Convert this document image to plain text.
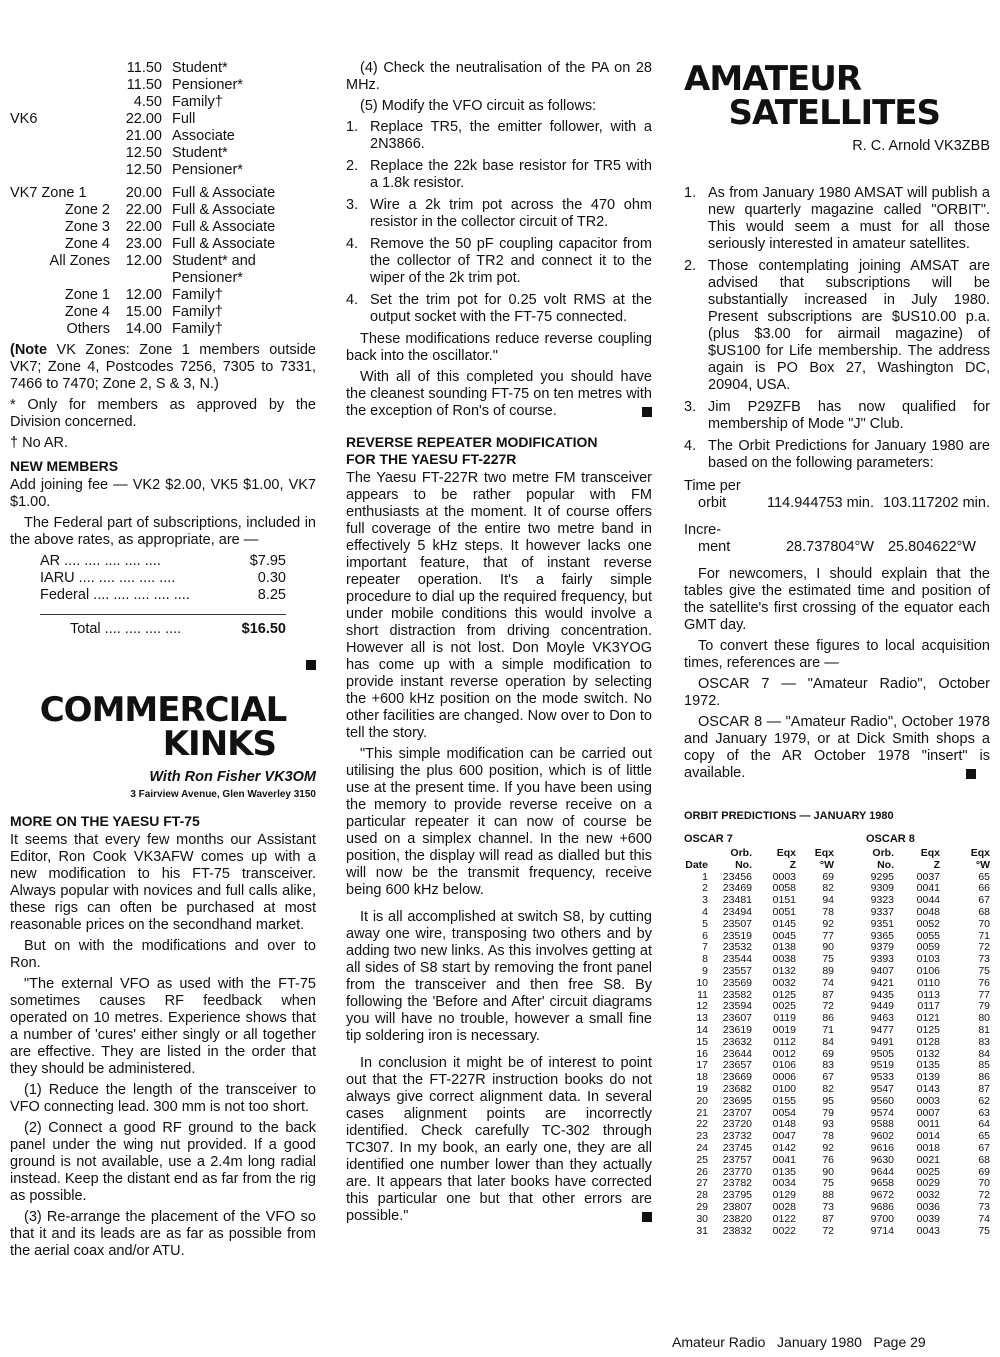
11.50 Student*
11.50 Pensioner*
4.50 Family†
VK6	22.00 Full
21.00 Associate
12.50 Student*
12.50 Pensioner*
VK7 Zone 1	20.00 Full & Associate
Zone 2	22.00 Full & Associate
Zone 3	22.00 Full & Associate
Zone 4	23.00 Full & Associate
All Zones	12.00 Student* and Pensioner*
Zone 1	12.00 Family†
Zone 4	15.00 Family†
Others	14.00 Family†

(Note VK Zones: Zone 1 members outside VK7; Zone 4, Postcodes 7256, 7305 to 7331, 7466 to 7470; Zone 2, S & 3, N.)

* Only for members as approved by the Division concerned.

† No AR.

NEW MEMBERS

Add joining fee — VK2 $2.00, VK5 $1.00, VK7 $1.00.

The Federal part of subscriptions, included in the above rates, as appropriate, are —

AR .... .... .... .... ....	$7.95
IARU .... .... .... .... ....	0.30
Federal .... .... .... .... ....	8.25
Total .... .... .... ....	$16.50
COMMERCIAL
KINKS
With Ron Fisher VK3OM
3 Fairview Avenue, Glen Waverley 3150
MORE ON THE YAESU FT-75

It seems that every few months our Assistant Editor, Ron Cook VK3AFW comes up with a new modification to his FT-75 transceiver. Always popular with novices and full calls alike, these rigs can often be purchased at most reasonable prices on the secondhand market.

But on with the modifications and over to Ron.

"The external VFO as used with the FT-75 sometimes causes RF feedback when operated on 10 metres. Experience shows that a number of 'cures' either singly or all together are effective. They are listed in the order that they should be administered.

(1) Reduce the length of the transceiver to VFO connecting lead. 300 mm is not too short.

(2) Connect a good RF ground to the back panel under the wing nut provided. If a good ground is not available, use a 2.4m long radial instead. Keep the distant end as far from the rig as possible.

(3) Re-arrange the placement of the VFO so that it and its leads are as far as possible from the aerial coax and/or ATU.

(4) Check the neutralisation of the PA on 28 MHz.

(5) Modify the VFO circuit as follows:

1. Replace TR5, the emitter follower, with a 2N3866.
2. Replace the 22k base resistor for TR5 with a 1.8k resistor.
3. Wire a 2k trim pot across the 470 ohm resistor in the collector circuit of TR2.
4. Remove the 50 pF coupling capacitor from the collector of TR2 and connect it to the wiper of the 2k trim pot.
4. Set the trim pot for 0.25 volt RMS at the output socket with the FT-75 connected.

These modifications reduce reverse coupling back into the oscillator."

With all of this completed you should have the cleanest sounding FT-75 on ten metres with the exception of Ron's of course.

REVERSE REPEATER MODIFICATION
FOR THE YAESU FT-227R

The Yaesu FT-227R two metre FM transceiver appears to be rather popular with FM enthusiasts at the moment. It of course offers full coverage of the entire two metre band in effectively 5 kHz steps. It however lacks one important feature, that of instant reverse repeater operation. It's a fairly simple procedure to dial up the required frequency, but under mobile conditions this would involve a short distraction from driving concentration. However all is not lost. Don Moyle VK3YOG has come up with a simple modification to provide instant reverse operation by selecting the +600 kHz position on the mode switch. No other facilities are changed. Now over to Don to tell the story.

"This simple modification can be carried out utilising the plus 600 position, which is of little use at the present time. If you have been using the memory to provide reverse receive on a particular repeater it can now of course be used on a simplex channel. In the new +600 position, the display will read as dialled but this will now be the transmit frequency, receive being 600 kHz below.

It is all accomplished at switch S8, by cutting away one wire, transposing two others and by adding two new links. As this involves getting at all sides of S8 start by removing the front panel from the transceiver and then free S8. By following the 'Before and After' circuit diagrams you will have no trouble, however a small fine tip soldering iron is necessary.

In conclusion it might be of interest to point out that the FT-227R instruction books do not always give correct alignment data. In several cases alignment points are incorrectly identified. Check carefully TC-302 through TC307. In my book, an early one, they are all identified one number lower than they actually are. It appears that later books have corrected this particular one but that other errors are possible."

AMATEUR
SATELLITES
R. C. Arnold VK3ZBB
1. As from January 1980 AMSAT will publish a new quarterly magazine called "ORBIT". This would seem a must for all those seriously interested in amateur satellites.
2. Those contemplating joining AMSAT are advised that subscriptions will be substantially increased in July 1980. Present subscriptions are $US10.00 p.a. (plus $3.00 for airmail magazine) of $US100 for Life membership. The address again is PO Box 27, Washington DC, 20904, USA.
3. Jim P29ZFB has now qualified for membership of Mode "J" Club.
4. The Orbit Predictions for January 1980 are based on the following parameters:
Time per
orbit	114.944753 min. 103.117202 min.
Incre-
ment	28.737804°W 25.804622°W

For newcomers, I should explain that the tables give the estimated time and position of the satellite's first crossing of the equator each GMT day.

To convert these figures to local acquisition times, references are —

OSCAR 7 — "Amateur Radio", October 1972.

OSCAR 8 — "Amateur Radio", October 1978 and January 1979, or at Dick Smith shops a copy of the AR October 1978 "insert" is available.

ORBIT PREDICTIONS — JANUARY 1980
OSCAR 7	OSCAR 8
	Orb.	Eqx	Eqx	Orb.	Eqx	Eqx
Date	No.	Z	°W	No.	Z	°W
1	23456	0003	69	9295	0037	65
2	23469	0058	82	9309	0041	66
3	23481	0151	94	9323	0044	67
4	23494	0051	78	9337	0048	68
5	23507	0145	92	9351	0052	70
6	23519	0045	77	9365	0055	71
7	23532	0138	90	9379	0059	72
8	23544	0038	75	9393	0103	73
9	23557	0132	89	9407	0106	75
10	23569	0032	74	9421	0110	76
11	23582	0125	87	9435	0113	77
12	23594	0025	72	9449	0117	79
13	23607	0119	86	9463	0121	80
14	23619	0019	71	9477	0125	81
15	23632	0112	84	9491	0128	83
16	23644	0012	69	9505	0132	84
17	23657	0106	83	9519	0135	85
18	23669	0006	67	9533	0139	86
19	23682	0100	82	9547	0143	87
20	23695	0155	95	9560	0003	62
21	23707	0054	79	9574	0007	63
22	23720	0148	93	9588	0011	64
23	23732	0047	78	9602	0014	65
24	23745	0142	92	9616	0018	67
25	23757	0041	76	9630	0021	68
26	23770	0135	90	9644	0025	69
27	23782	0034	75	9658	0029	70
28	23795	0129	88	9672	0032	72
29	23807	0028	73	9686	0036	73
30	23820	0122	87	9700	0039	74
31	23832	0022	72	9714	0043	75
Amateur Radio   January 1980   Page 29
